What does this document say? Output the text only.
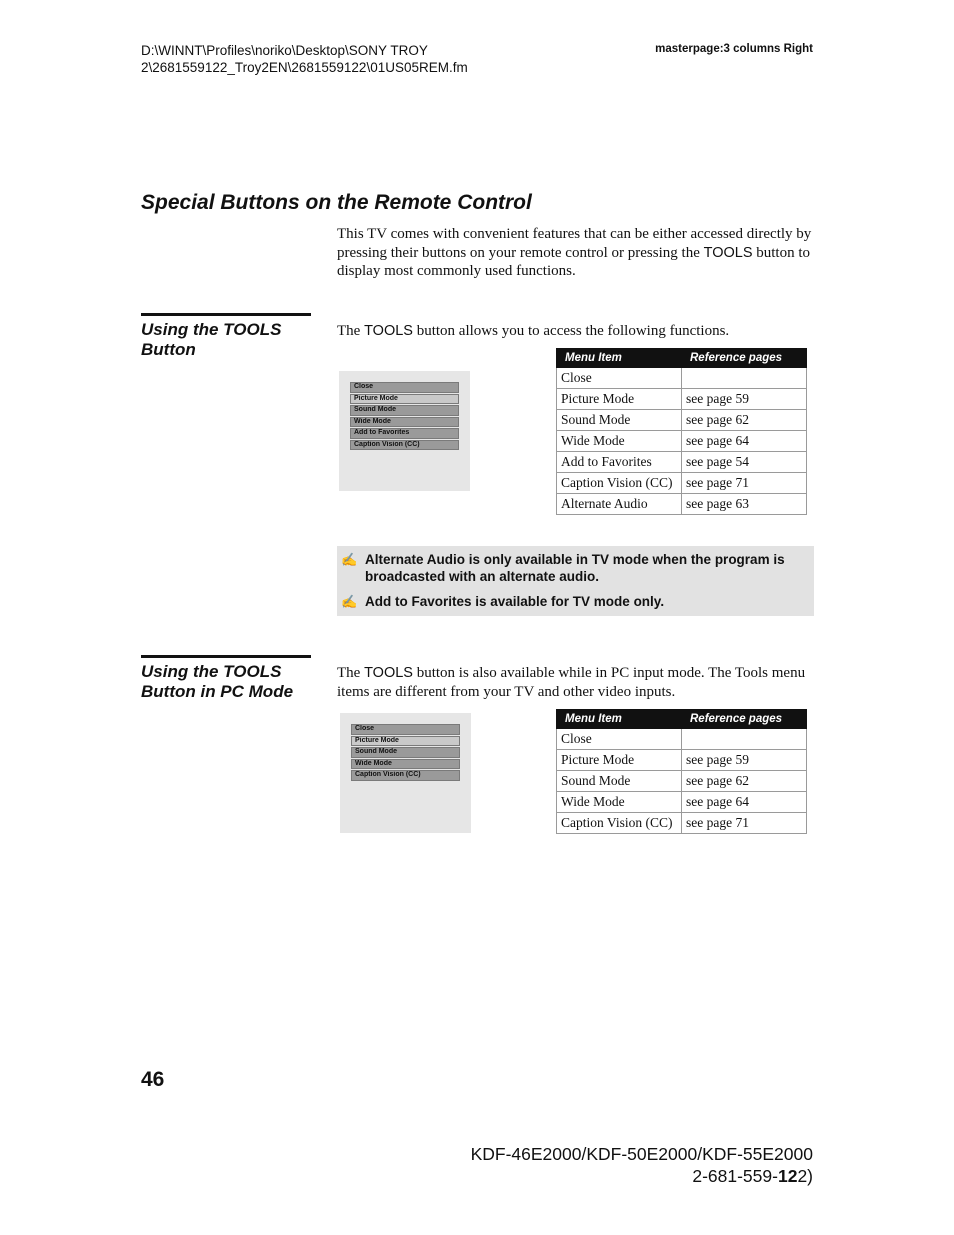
D:\WINNT\Profiles\noriko\Desktop\SONY TROY
2\2681559122_Troy2EN\2681559122\01US05REM.fm
masterpage:3 columns Right
Special Buttons on the Remote Control
This TV comes with convenient features that can be either accessed directly by pressing their buttons on your remote control or pressing the TOOLS button to display most commonly used functions.
Using the TOOLS
Button
The TOOLS button allows you to access the following functions.
Close
Picture Mode
Sound Mode
Wide Mode
Add to Favorites
Caption Vision (CC)
Menu Item	Reference pages
Close	
Picture Mode	see page 59
Sound Mode	see page 62
Wide Mode	see page 64
Add to Favorites	see page 54
Caption Vision (CC)	see page 71
Alternate Audio	see page 63
✍ Alternate Audio is only available in TV mode when the program is broadcasted with an alternate audio.
✍ Add to Favorites is available for TV mode only.
Using the TOOLS
Button in PC Mode
The TOOLS button is also available while in PC input mode. The Tools menu items are different from your TV and other video inputs.
Close
Picture Mode
Sound Mode
Wide Mode
Caption Vision (CC)
Menu Item	Reference pages
Close	
Picture Mode	see page 59
Sound Mode	see page 62
Wide Mode	see page 64
Caption Vision (CC)	see page 71
46
KDF-46E2000/KDF-50E2000/KDF-55E2000
2-681-559-122)
